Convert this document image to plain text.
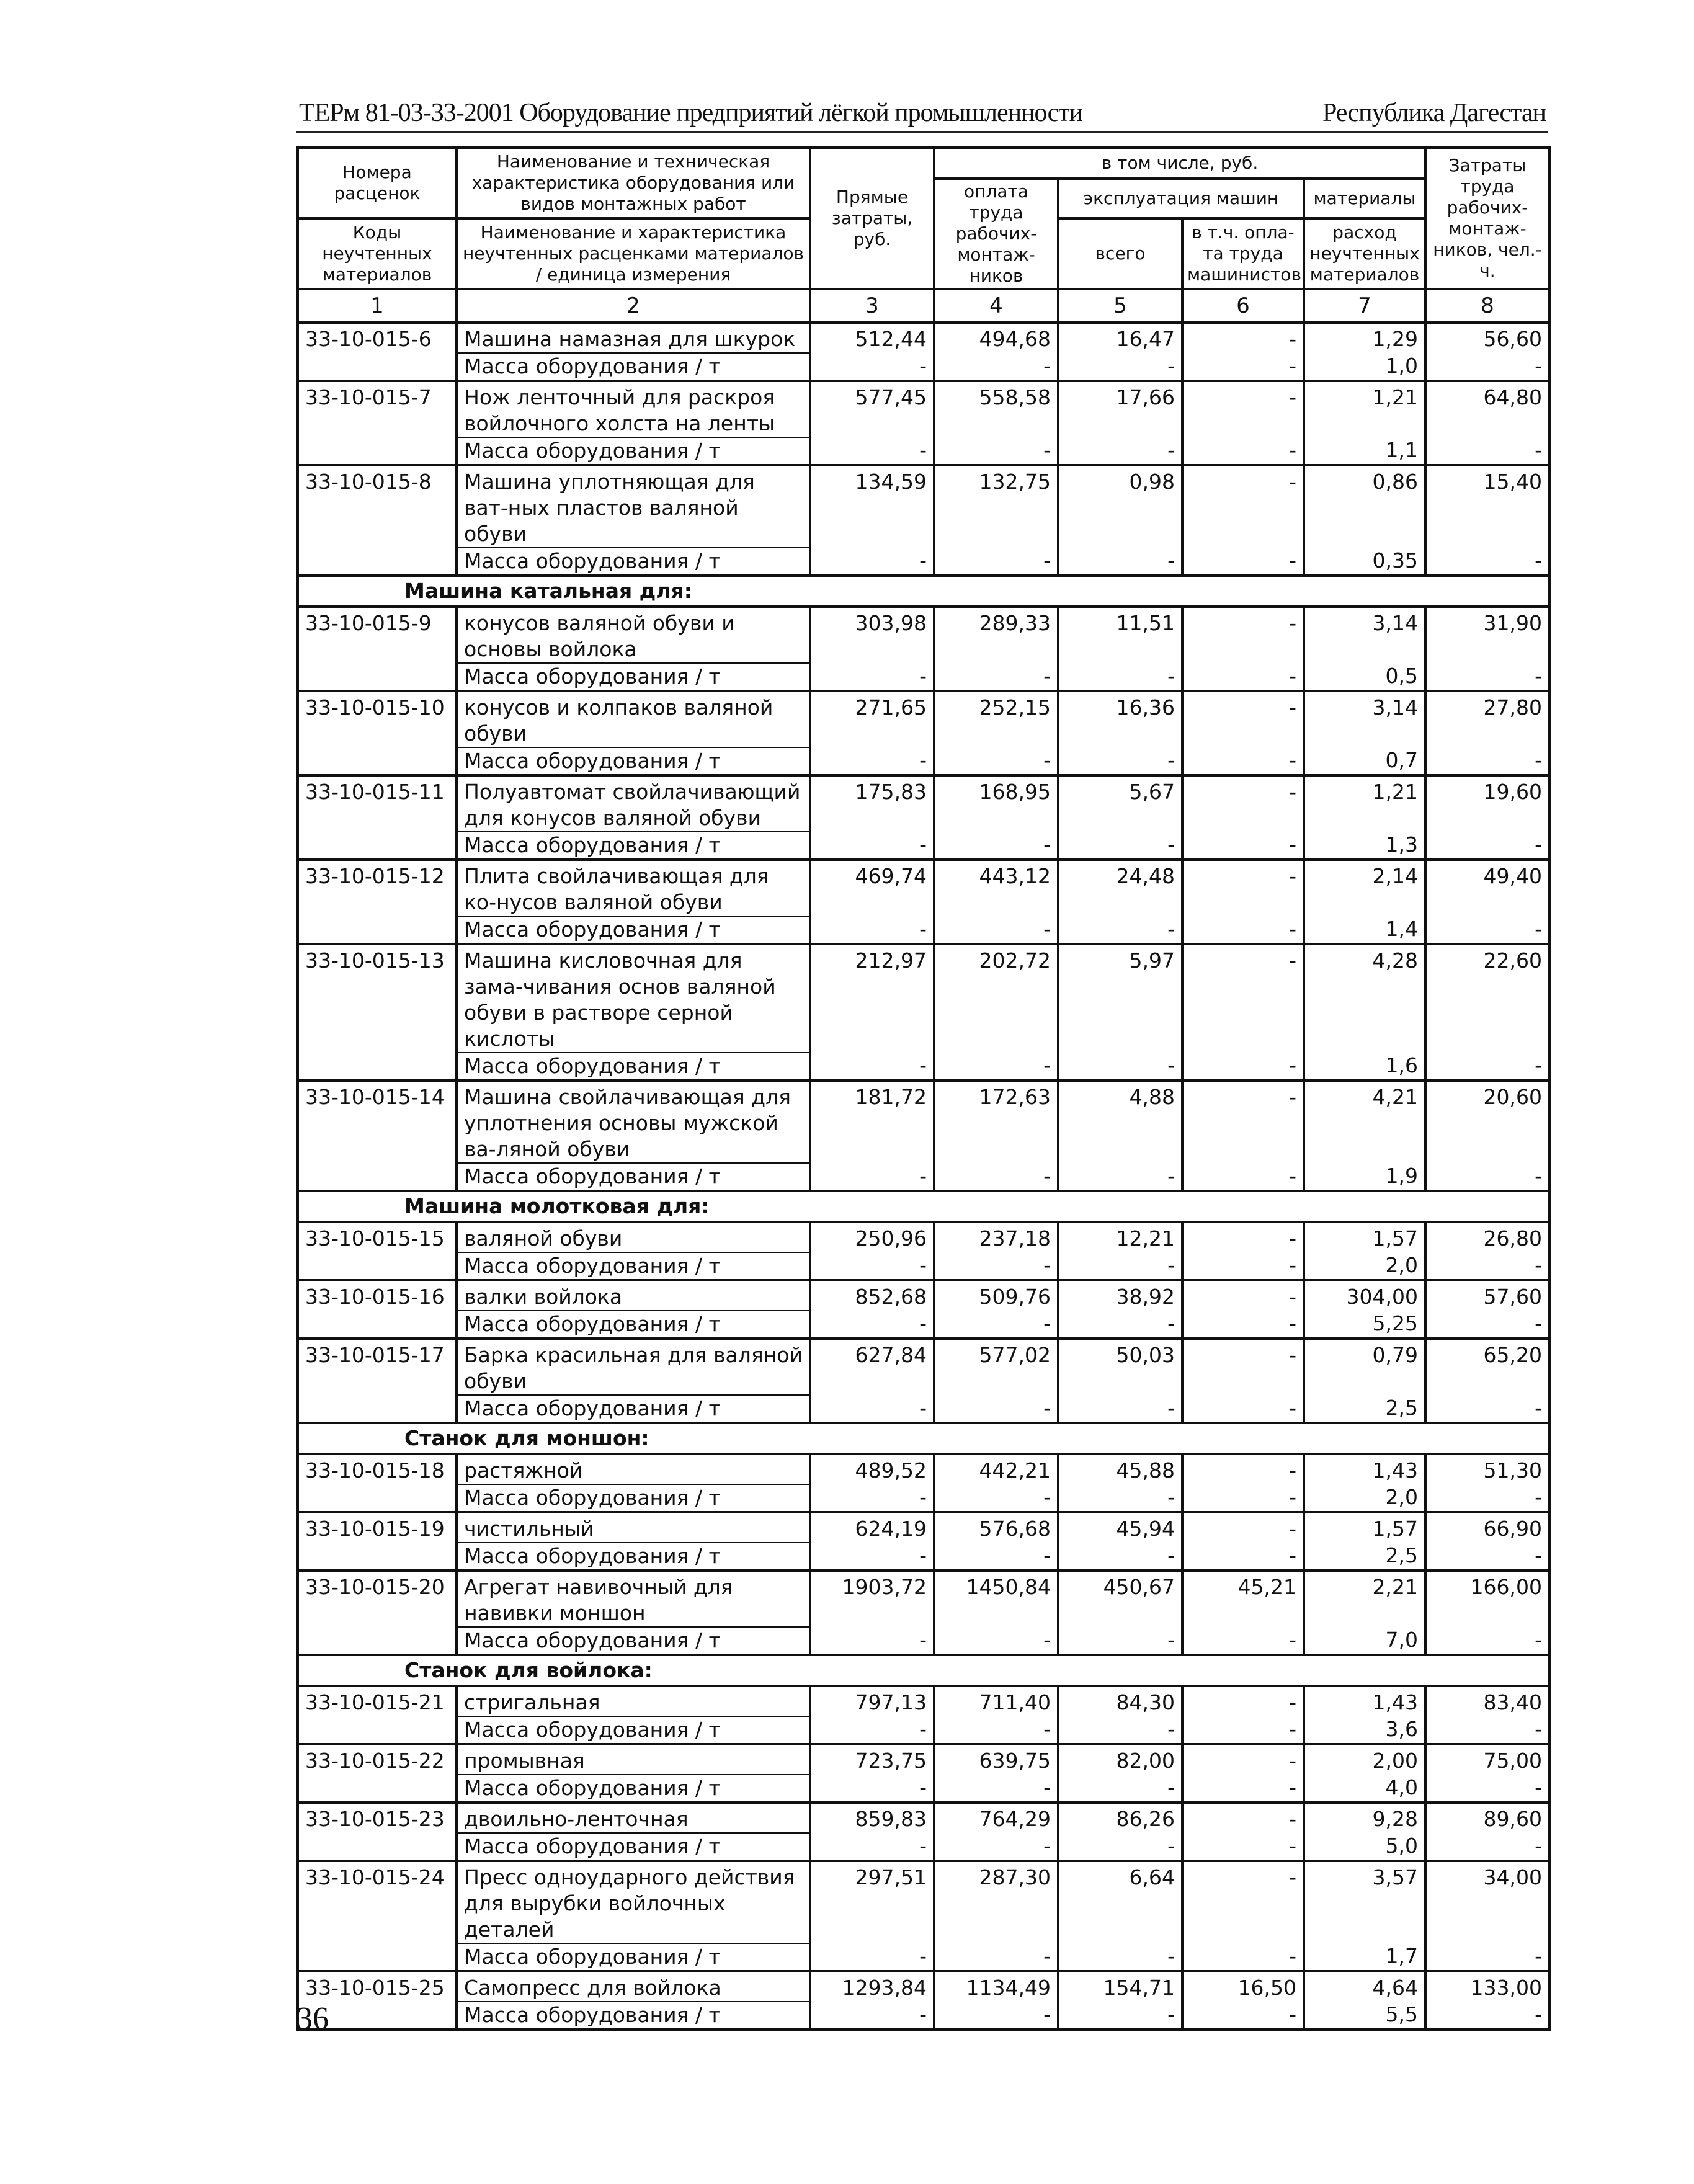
ТЕРм 81-03-33-2001 Оборудование предприятий лёгкой промышленности	Республика Дагестан
Номера расценок	Наименование и техническая характеристика оборудования или видов монтажных работ	Прямые затраты, руб.	в том числе, руб.				Затраты труда рабочих-монтаж-ников, чел.-ч.
			оплата труда рабочих-монтаж-ников	эксплуатация машин		материалы	
Коды неучтенных материалов	Наименование и характеристика неучтенных расценками материалов / единица измерения			всего	в т.ч. опла-та труда машинистов	расход неучтенных материалов	
1	2	3	4	5	6	7	8
33-10-015-6	Машина намазная для шкурок	512,44	494,68	16,47	-	1,29	56,60
	Масса оборудования / т	-	-	-	-	1,0	-
33-10-015-7	Нож ленточный для раскроя войлочного холста на ленты	577,45	558,58	17,66	-	1,21	64,80
	Масса оборудования / т	-	-	-	-	1,1	-
33-10-015-8	Машина уплотняющая для ват-ных пластов валяной обуви	134,59	132,75	0,98	-	0,86	15,40
	Масса оборудования / т	-	-	-	-	0,35	-
Машина катальная для:							
33-10-015-9	конусов валяной обуви и основы войлока	303,98	289,33	11,51	-	3,14	31,90
	Масса оборудования / т	-	-	-	-	0,5	-
33-10-015-10	конусов и колпаков валяной обуви	271,65	252,15	16,36	-	3,14	27,80
	Масса оборудования / т	-	-	-	-	0,7	-
33-10-015-11	Полуавтомат свойлачивающий для конусов валяной обуви	175,83	168,95	5,67	-	1,21	19,60
	Масса оборудования / т	-	-	-	-	1,3	-
33-10-015-12	Плита свойлачивающая для ко-нусов валяной обуви	469,74	443,12	24,48	-	2,14	49,40
	Масса оборудования / т	-	-	-	-	1,4	-
33-10-015-13	Машина кисловочная для зама-чивания основ валяной обуви в растворе серной кислоты	212,97	202,72	5,97	-	4,28	22,60
	Масса оборудования / т	-	-	-	-	1,6	-
33-10-015-14	Машина свойлачивающая для уплотнения основы мужской ва-ляной обуви	181,72	172,63	4,88	-	4,21	20,60
	Масса оборудования / т	-	-	-	-	1,9	-
Машина молотковая для:							
33-10-015-15	валяной обуви	250,96	237,18	12,21	-	1,57	26,80
	Масса оборудования / т	-	-	-	-	2,0	-
33-10-015-16	валки войлока	852,68	509,76	38,92	-	304,00	57,60
	Масса оборудования / т	-	-	-	-	5,25	-
33-10-015-17	Барка красильная для валяной обуви	627,84	577,02	50,03	-	0,79	65,20
	Масса оборудования / т	-	-	-	-	2,5	-
Станок для моншон:							
33-10-015-18	растяжной	489,52	442,21	45,88	-	1,43	51,30
	Масса оборудования / т	-	-	-	-	2,0	-
33-10-015-19	чистильный	624,19	576,68	45,94	-	1,57	66,90
	Масса оборудования / т	-	-	-	-	2,5	-
33-10-015-20	Агрегат навивочный для навивки моншон	1903,72	1450,84	450,67	45,21	2,21	166,00
	Масса оборудования / т	-	-	-	-	7,0	-
Станок для войлока:							
33-10-015-21	стригальная	797,13	711,40	84,30	-	1,43	83,40
	Масса оборудования / т	-	-	-	-	3,6	-
33-10-015-22	промывная	723,75	639,75	82,00	-	2,00	75,00
	Масса оборудования / т	-	-	-	-	4,0	-
33-10-015-23	двоильно-ленточная	859,83	764,29	86,26	-	9,28	89,60
	Масса оборудования / т	-	-	-	-	5,0	-
33-10-015-24	Пресс одноударного действия для вырубки войлочных деталей	297,51	287,30	6,64	-	3,57	34,00
	Масса оборудования / т	-	-	-	-	1,7	-
33-10-015-25	Самопресс для войлока	1293,84	1134,49	154,71	16,50	4,64	133,00
	Масса оборудования / т	-	-	-	-	5,5	-
36
